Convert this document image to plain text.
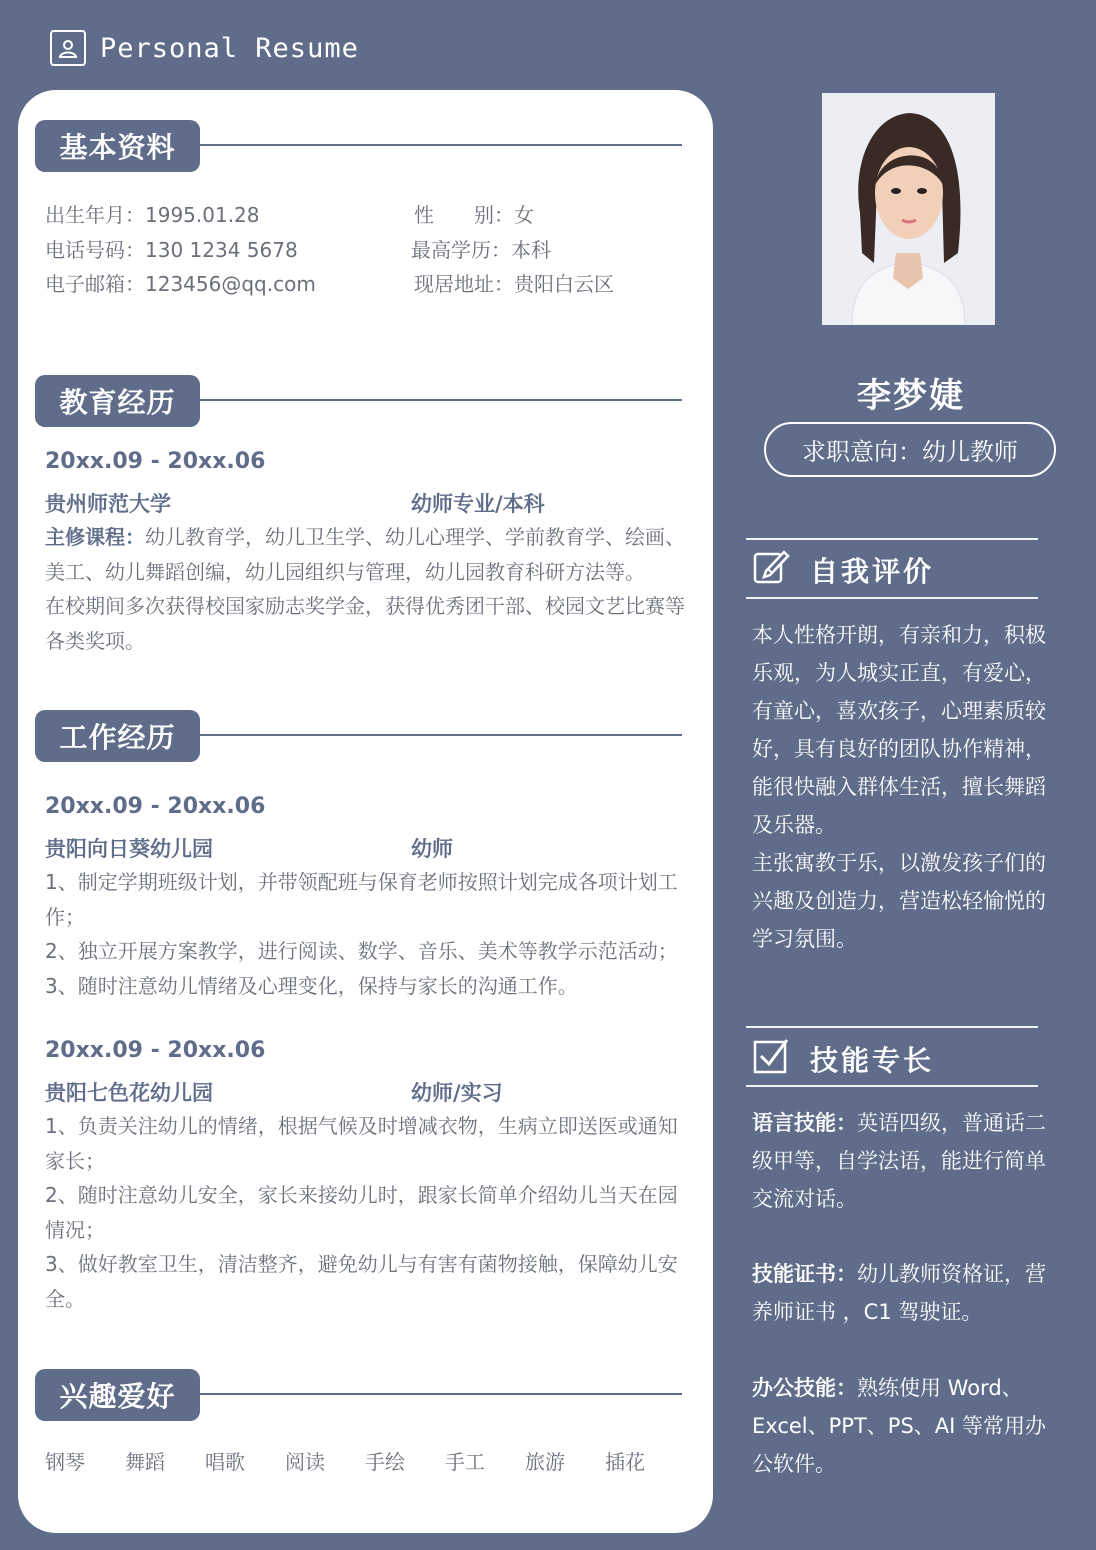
Personal Resume
基本资料
出生年月：1995.01.28	性　　别：女
电话号码：130 1234 5678	最高学历：本科
电子邮箱：123456@qq.com	现居地址：贵阳白云区
教育经历
20xx.09 - 20xx.06
贵州师范大学	幼师专业/本科
主修课程：幼儿教育学，幼儿卫生学、幼儿心理学、学前教育学、绘画、美工、幼儿舞蹈创编，幼儿园组织与管理，幼儿园教育科研方法等。
在校期间多次获得校国家励志奖学金，获得优秀团干部、校园文艺比赛等各类奖项。
工作经历
20xx.09 - 20xx.06
贵阳向日葵幼儿园	幼师
1、制定学期班级计划，并带领配班与保育老师按照计划完成各项计划工作；
2、独立开展方案教学，进行阅读、数学、音乐、美术等教学示范活动；
3、随时注意幼儿情绪及心理变化，保持与家长的沟通工作。
20xx.09 - 20xx.06
贵阳七色花幼儿园	幼师/实习
1、负责关注幼儿的情绪，根据气候及时增减衣物，生病立即送医或通知家长；
2、随时注意幼儿安全，家长来接幼儿时，跟家长简单介绍幼儿当天在园情况；
3、做好教室卫生，清洁整齐，避免幼儿与有害有菌物接触，保障幼儿安全。
兴趣爱好
钢琴	舞蹈	唱歌	阅读	手绘	手工	旅游	插花
李梦婕
求职意向：幼儿教师
自我评价
本人性格开朗，有亲和力，积极乐观，为人城实正直，有爱心，有童心，喜欢孩子，心理素质较好，具有良好的团队协作精神，能很快融入群体生活，擅长舞蹈及乐器。
主张寓教于乐，以激发孩子们的兴趣及创造力，营造松轻愉悦的学习氛围。
技能专长
语言技能：英语四级，普通话二级甲等，自学法语，能进行简单交流对话。
技能证书：幼儿教师资格证，营养师证书 ，C1 驾驶证。
办公技能：熟练使用 Word、Excel、PPT、PS、AI 等常用办公软件。
